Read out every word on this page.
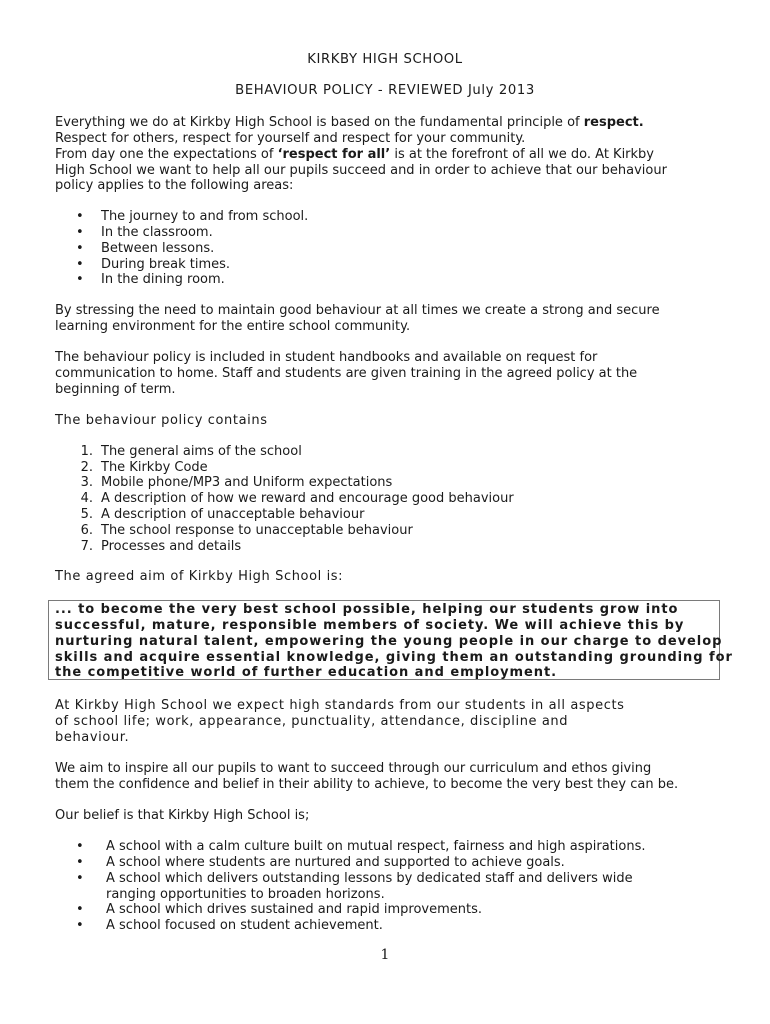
KIRKBY HIGH SCHOOL

BEHAVIOUR POLICY - REVIEWED July 2013

Everything we do at Kirkby High School is based on the fundamental principle of respect.

Respect for others, respect for yourself and respect for your community.

From day one the expectations of ‘respect for all’ is at the forefront of all we do. At Kirkby

High School we want to help all our pupils succeed and in order to achieve that our behaviour

policy applies to the following areas:

• The journey to and from school.

• In the classroom.

• Between lessons.

• During break times.

• In the dining room.

By stressing the need to maintain good behaviour at all times we create a strong and secure

learning environment for the entire school community.

The behaviour policy is included in student handbooks and available on request for

communication to home. Staff and students are given training in the agreed policy at the

beginning of term.

The behaviour policy contains

1. The general aims of the school

2. The Kirkby Code

3. Mobile phone/MP3 and Uniform expectations

4. A description of how we reward and encourage good behaviour

5. A description of unacceptable behaviour

6. The school response to unacceptable behaviour

7. Processes and details

The agreed aim of Kirkby High School is:

... to become the very best school possible, helping our students grow into

successful, mature, responsible members of society. We will achieve this by

nurturing natural talent, empowering the young people in our charge to develop

skills and acquire essential knowledge, giving them an outstanding grounding for

the competitive world of further education and employment.

At Kirkby High School we expect high standards from our students in all aspects

of school life; work, appearance, punctuality, attendance, discipline and

behaviour.

We aim to inspire all our pupils to want to succeed through our curriculum and ethos giving

them the confidence and belief in their ability to achieve, to become the very best they can be.

Our belief is that Kirkby High School is;

• A school with a calm culture built on mutual respect, fairness and high aspirations.

• A school where students are nurtured and supported to achieve goals.

• A school which delivers outstanding lessons by dedicated staff and delivers wide

ranging opportunities to broaden horizons.

• A school which drives sustained and rapid improvements.

• A school focused on student achievement.

1
